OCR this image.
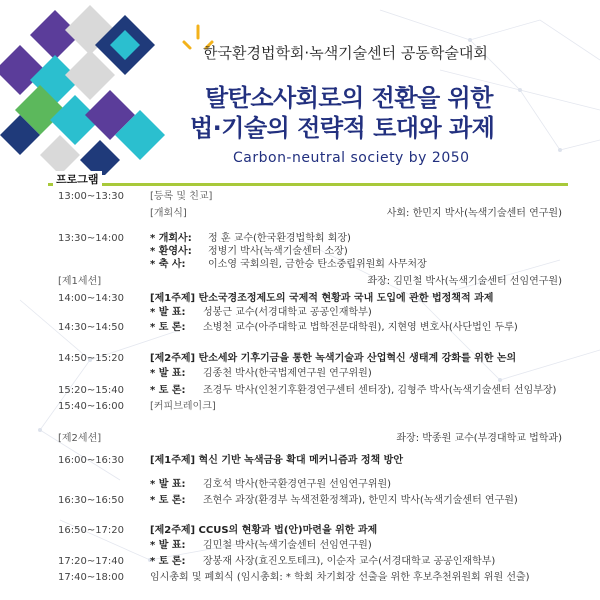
한국환경법학회·녹색기술센터 공동학술대회
탈탄소사회로의 전환을 위한
법·기술의 전략적 토대와 과제
Carbon-neutral society by 2050
프로그램
13:00~13:30	[등록 및 친교]
[개회식]	사회: 한민지 박사(녹색기술센터 연구원)
13:30~14:00	* 개회사: 정 훈 교수(한국환경법학회 회장)
* 환영사: 정병기 박사(녹색기술센터 소장)
* 축 사: 이소영 국회의원, 금한승 탄소중립위원회 사무처장
[제1세션]	좌장: 김민철 박사(녹색기술센터 선임연구원)
14:00~14:30	[제1주제] 탄소국경조정제도의 국제적 현황과 국내 도입에 관한 법정책적 과제
* 발 표: 성봉근 교수(서경대학교 공공인재학부)
14:30~14:50	* 토 론: 소병천 교수(아주대학교 법학전문대학원), 지현영 변호사(사단법인 두루)
14:50~15:20	[제2주제] 탄소세와 기후기금을 통한 녹색기술과 산업혁신 생태계 강화를 위한 논의
* 발 표: 김종천 박사(한국법제연구원 연구위원)
15:20~15:40	* 토 론: 조경두 박사(인천기후환경연구센터 센터장), 김형주 박사(녹색기술센터 선임부장)
15:40~16:00	[커피브레이크]
[제2세션]	좌장: 박종원 교수(부경대학교 법학과)
16:00~16:30	[제1주제] 혁신 기반 녹색금융 확대 메커니즘과 정책 방안
* 발 표: 김호석 박사(한국환경연구원 선임연구위원)
16:30~16:50	* 토 론: 조현수 과장(환경부 녹색전환정책과), 한민지 박사(녹색기술센터 연구원)
16:50~17:20	[제2주제] CCUS의 현황과 법(안)마련을 위한 과제
* 발 표: 김민철 박사(녹색기술센터 선임연구원)
17:20~17:40	* 토 론: 장봉재 사장(효진오토테크), 이순자 교수(서경대학교 공공인재학부)
17:40~18:00	임시총회 및 폐회식 (임시총회: * 학회 차기회장 선출을 위한 후보추천위원회 위원 선출)
